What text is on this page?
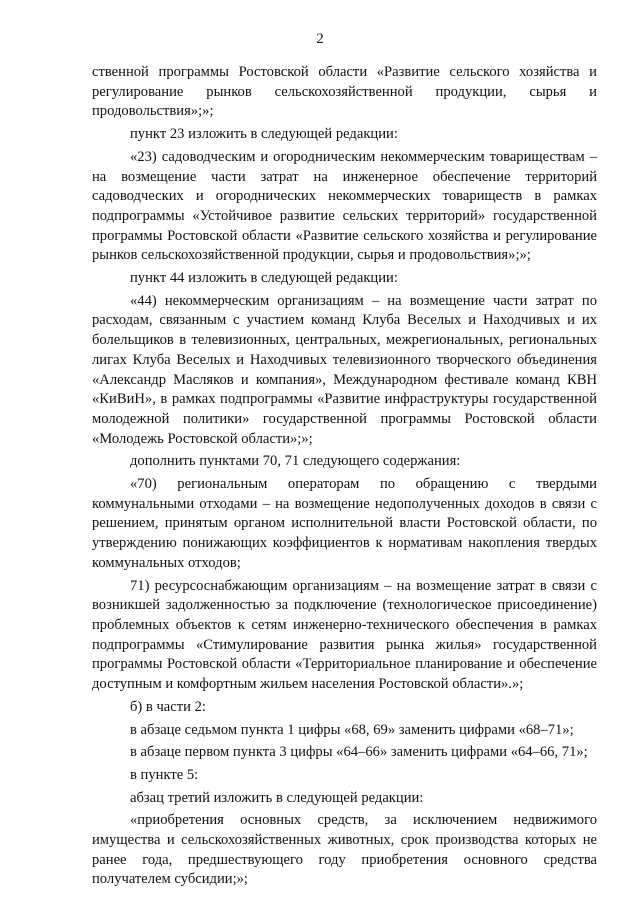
2

ственной программы Ростовской области «Развитие сельского хозяйства и регулирование рынков сельскохозяйственной продукции, сырья и продовольствия»;»;

пункт 23 изложить в следующей редакции:

«23) садоводческим и огородническим некоммерческим товариществам – на возмещение части затрат на инженерное обеспечение территорий садоводческих и огороднических некоммерческих товариществ в рамках подпрограммы «Устойчивое развитие сельских территорий» государственной программы Ростовской области «Развитие сельского хозяйства и регулирование рынков сельскохозяйственной продукции, сырья и продовольствия»;»;

пункт 44 изложить в следующей редакции:

«44) некоммерческим организациям – на возмещение части затрат по расходам, связанным с участием команд Клуба Веселых и Находчивых и их болельщиков в телевизионных, центральных, межрегиональных, региональных лигах Клуба Веселых и Находчивых телевизионного творческого объединения «Александр Масляков и компания», Международном фестивале команд КВН «КиВиН», в рамках подпрограммы «Развитие инфраструктуры государственной молодежной политики» государственной программы Ростовской области «Молодежь Ростовской области»;»;

дополнить пунктами 70, 71 следующего содержания:

«70) региональным операторам по обращению с твердыми коммунальными отходами – на возмещение недополученных доходов в связи с решением, принятым органом исполнительной власти Ростовской области, по утверждению понижающих коэффициентов к нормативам накопления твердых коммунальных отходов;

71) ресурсоснабжающим организациям – на возмещение затрат в связи с возникшей задолженностью за подключение (технологическое присоединение) проблемных объектов к сетям инженерно-технического обеспечения в рамках подпрограммы «Стимулирование развития рынка жилья» государственной программы Ростовской области «Территориальное планирование и обеспечение доступным и комфортным жильем населения Ростовской области».»;

б) в части 2:

в абзаце седьмом пункта 1 цифры «68, 69» заменить цифрами «68–71»;

в абзаце первом пункта 3 цифры «64–66» заменить цифрами «64–66, 71»;

в пункте 5:

абзац третий изложить в следующей редакции:

«приобретения основных средств, за исключением недвижимого имущества и сельскохозяйственных животных, срок производства которых не ранее года, предшествующего году приобретения основного средства получателем субсидии;»;
